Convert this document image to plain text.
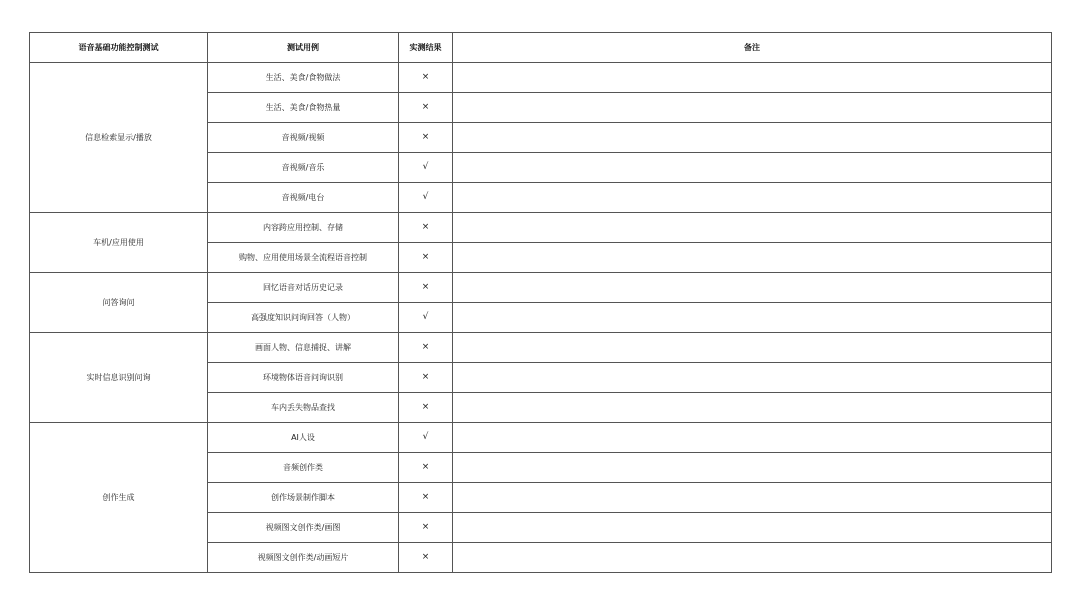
语音基础功能控制测试	测试用例	实测结果	备注
信息检索显示/播放	生活、美食/食物做法	×	
	生活、美食/食物热量	×	
	音视频/视频	×	
	音视频/音乐	√	
	音视频/电台	√	
车机/应用使用	内容跨应用控制、存储	×	
	购物、应用使用场景全流程语音控制	×	
问答询问	回忆语音对话历史记录	×	
	高强度知识问询回答（人物）	√	
实时信息识别问询	画面人物、信息捕捉、讲解	×	
	环境物体语音问询识别	×	
	车内丢失物品查找	×	
创作生成	AI人设	√	
	音频创作类	×	
	创作场景制作脚本	×	
	视频图文创作类/画图	×	
	视频图文创作类/动画短片	×	
